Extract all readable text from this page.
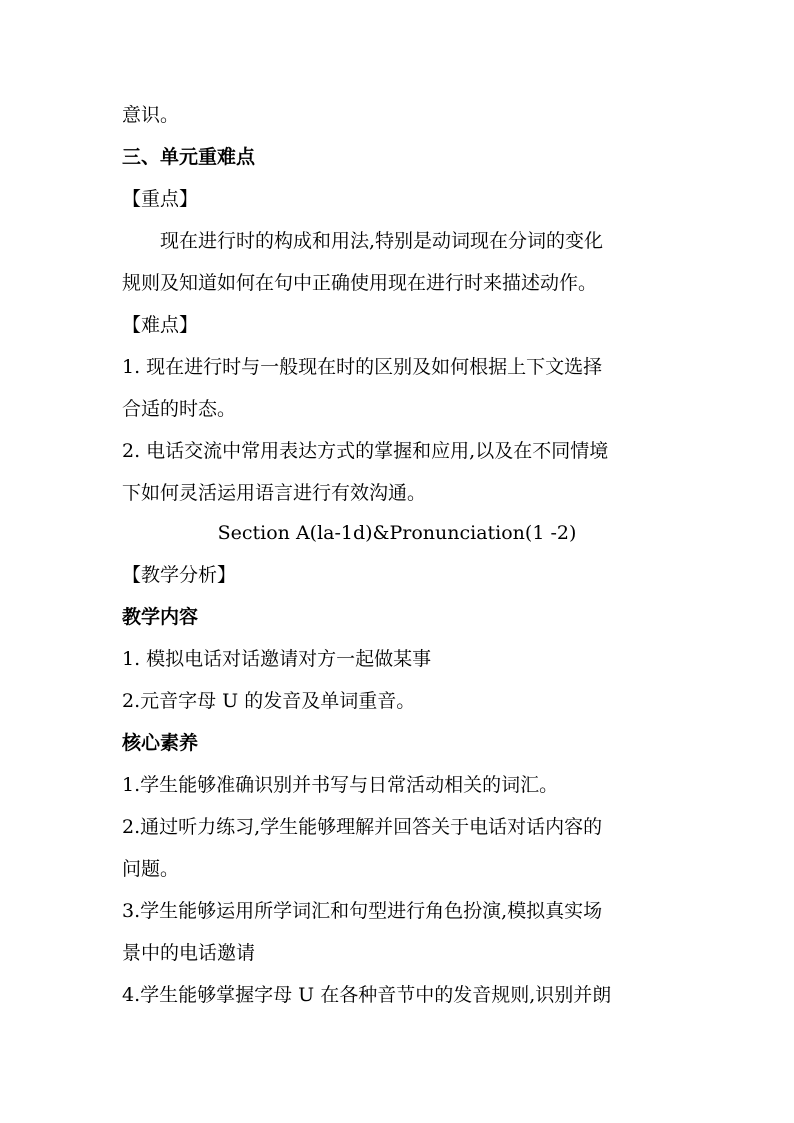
意识。
三、单元重难点
【重点】
现在进行时的构成和用法,特别是动词现在分词的变化
规则及知道如何在句中正确使用现在进行时来描述动作。
【难点】
1. 现在进行时与一般现在时的区别及如何根据上下文选择
合适的时态。
2. 电话交流中常用表达方式的掌握和应用,以及在不同情境
下如何灵活运用语言进行有效沟通。
Section A(la-1d)&Pronunciation(1 -2)
【教学分析】
教学内容
1. 模拟电话对话邀请对方一起做某事
2.元音字母 U 的发音及单词重音。
核心素养
1.学生能够准确识别并书写与日常活动相关的词汇。
2.通过听力练习,学生能够理解并回答关于电话对话内容的
问题。
3.学生能够运用所学词汇和句型进行角色扮演,模拟真实场
景中的电话邀请
4.学生能够掌握字母 U 在各种音节中的发音规则,识别并朗
